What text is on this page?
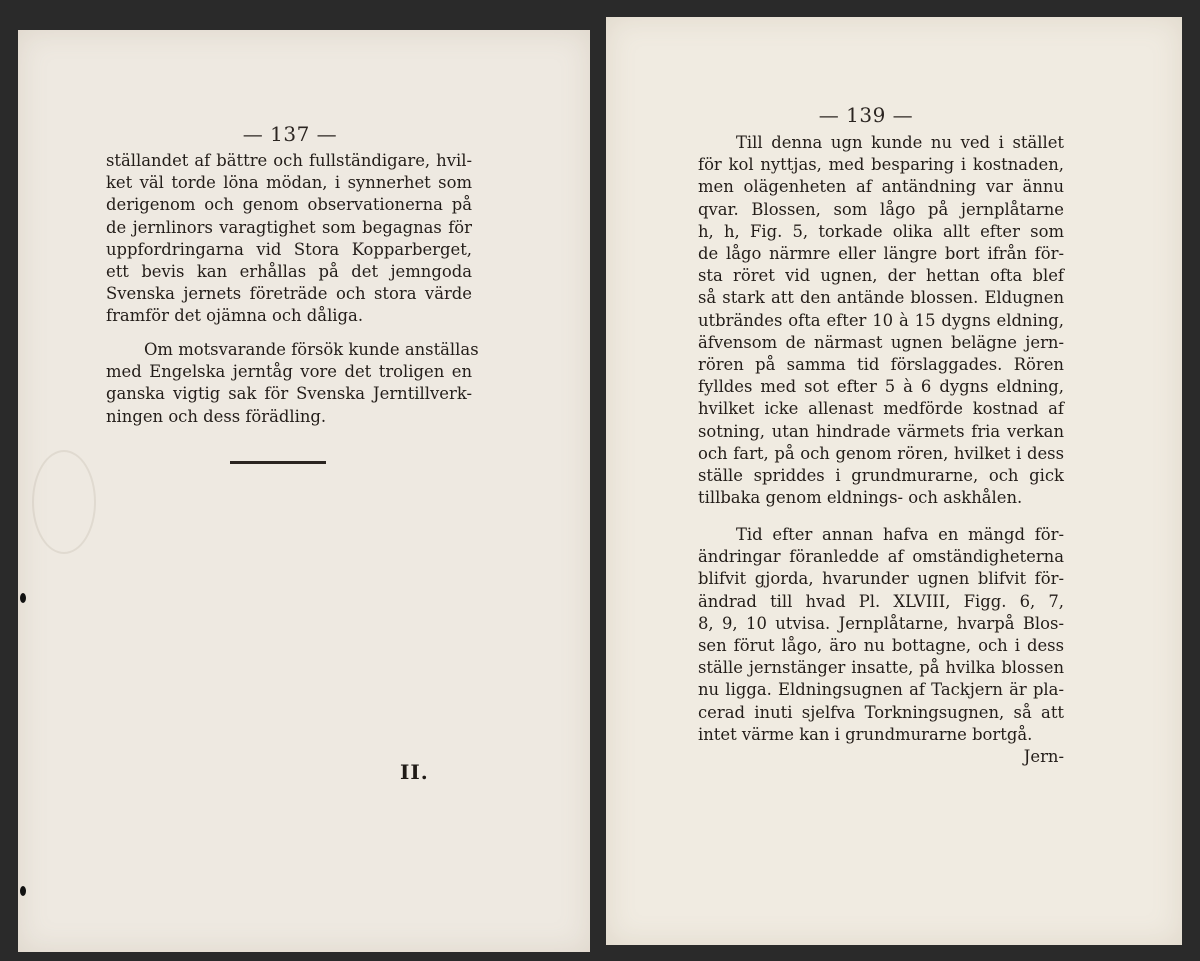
— 137 —
ställandet af bättre och fullständigare, hvil-
ket väl torde löna mödan, i synnerhet som
derigenom och genom observationerna på
de jernlinors varagtighet som begagnas för
uppfordringarna vid Stora Kopparberget,
ett bevis kan erhållas på det jemngoda
Svenska jernets företräde och stora värde
framför det ojämna och dåliga.
Om motsvarande försök kunde anställas
med Engelska jerntåg vore det troligen en
ganska vigtig sak för Svenska Jerntillverk-
ningen och dess förädling.
II.
— 139 —
Till denna ugn kunde nu ved i stället
för kol nyttjas, med besparing i kostnaden,
men olägenheten af antändning var ännu
qvar. Blossen, som lågo på jernplåtarne
h, h, Fig. 5, torkade olika allt efter som
de lågo närmre eller längre bort ifrån för-
sta röret vid ugnen, der hettan ofta blef
så stark att den antände blossen. Eldugnen
utbrändes ofta efter 10 à 15 dygns eldning,
äfvensom de närmast ugnen belägne jern-
rören på samma tid förslaggades. Rören
fylldes med sot efter 5 à 6 dygns eldning,
hvilket icke allenast medförde kostnad af
sotning, utan hindrade värmets fria verkan
och fart, på och genom rören, hvilket i dess
ställe spriddes i grundmurarne, och gick
tillbaka genom eldnings- och askhålen.
Tid efter annan hafva en mängd för-
ändringar föranledde af omständigheterna
blifvit gjorda, hvarunder ugnen blifvit för-
ändrad till hvad Pl. XLVIII, Figg. 6, 7,
8, 9, 10 utvisa. Jernplåtarne, hvarpå Blos-
sen förut lågo, äro nu bottagne, och i dess
ställe jernstänger insatte, på hvilka blossen
nu ligga. Eldningsugnen af Tackjern är pla-
cerad inuti sjelfva Torkningsugnen, så att
intet värme kan i grundmurarne bortgå.
Jern-
